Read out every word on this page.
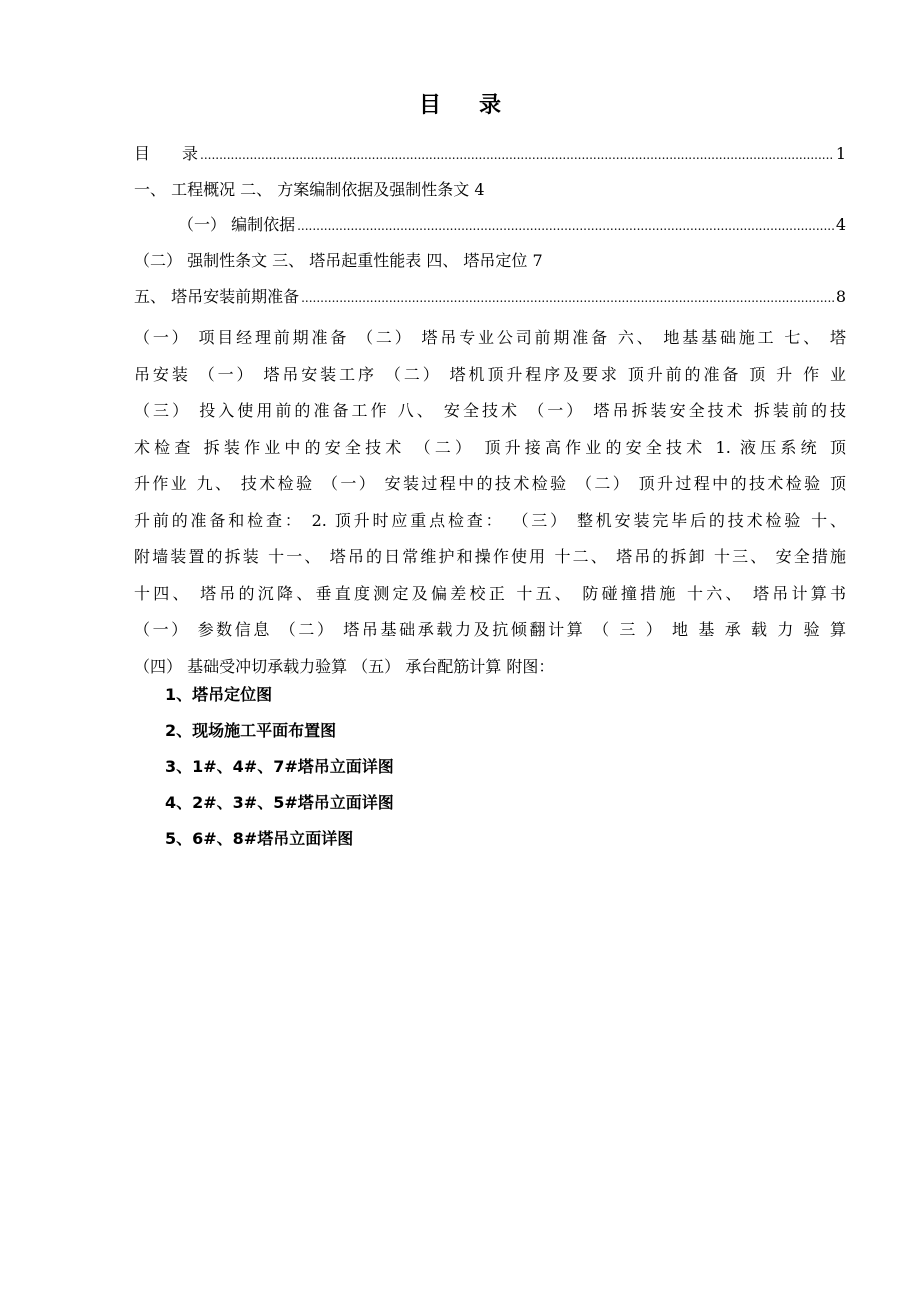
目录
目　　录 .....	1
一、 工程概况 二、 方案编制依据及强制性条文 4
（一） 编制依据 .....	4
（二） 强制性条文 三、 塔吊起重性能表 四、 塔吊定位 7
五、 塔吊安装前期准备 .....	8
（一） 项目经理前期准备 （二） 塔吊专业公司前期准备 六、 地基基础施工 七、 塔
吊安装 （一） 塔吊安装工序 （二） 塔机顶升程序及要求 顶升前的准备 顶 升 作 业
（三） 投入使用前的准备工作 八、 安全技术 （一） 塔吊拆装安全技术 拆装前的技
术检查 拆装作业中的安全技术 （二） 顶升接高作业的安全技术 1. 液压系统 顶
升作业 九、 技术检验 （一） 安装过程中的技术检验 （二） 顶升过程中的技术检验 顶
升前的准备和检查： 2. 顶升时应重点检查： （三） 整机安装完毕后的技术检验 十、
附墙装置的拆装 十一、 塔吊的日常维护和操作使用 十二、 塔吊的拆卸 十三、 安全措施
十四、 塔吊的沉降、垂直度测定及偏差校正 十五、 防碰撞措施 十六、 塔吊计算书
（一） 参数信息 （二） 塔吊基础承载力及抗倾翻计算 （ 三 ） 地 基 承 载 力 验 算
（四） 基础受冲切承载力验算 （五） 承台配筋计算 附图：
1、塔吊定位图
2、现场施工平面布置图
3、1#、4#、7#塔吊立面详图
4、2#、3#、5#塔吊立面详图
5、6#、8#塔吊立面详图
